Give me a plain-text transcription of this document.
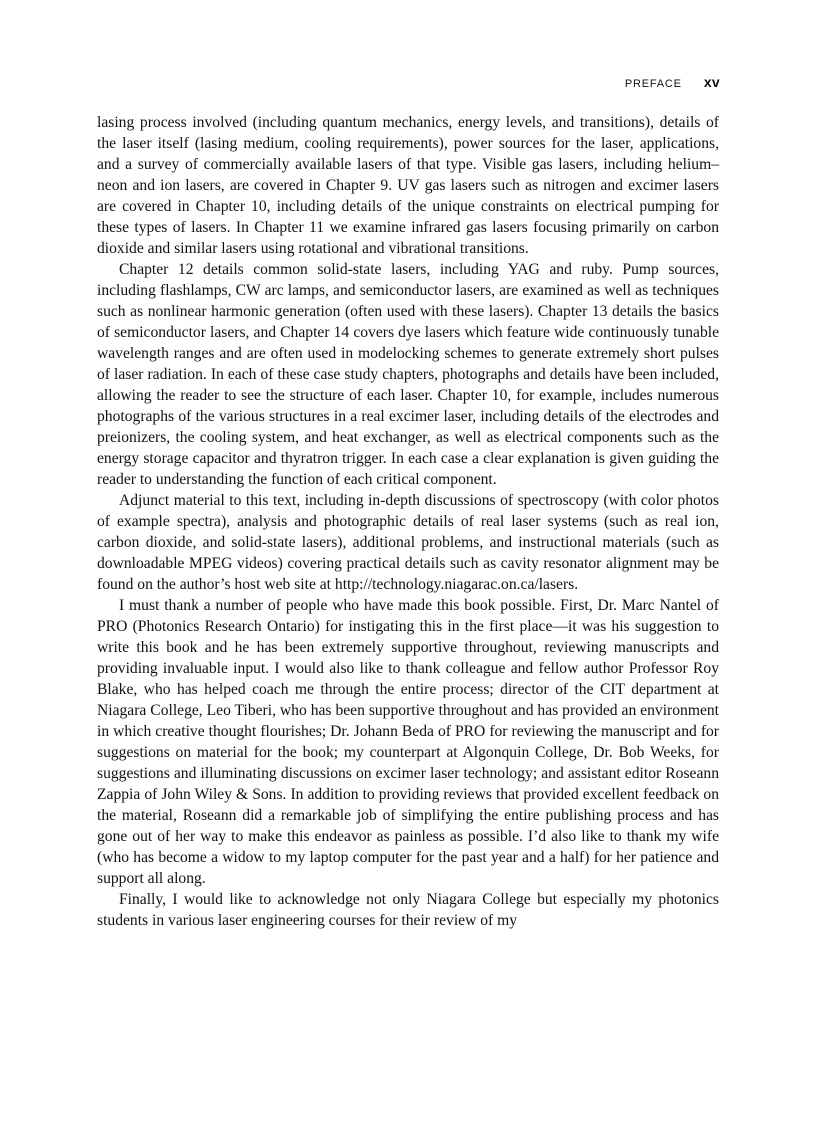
PREFACE xv

lasing process involved (including quantum mechanics, energy levels, and transitions), details of the laser itself (lasing medium, cooling requirements), power sources for the laser, applications, and a survey of commercially available lasers of that type. Visible gas lasers, including helium–neon and ion lasers, are covered in Chapter 9. UV gas lasers such as nitrogen and excimer lasers are covered in Chapter 10, including details of the unique constraints on electrical pumping for these types of lasers. In Chapter 11 we examine infrared gas lasers focusing primarily on carbon dioxide and similar lasers using rotational and vibrational transitions.

Chapter 12 details common solid-state lasers, including YAG and ruby. Pump sources, including flashlamps, CW arc lamps, and semiconductor lasers, are examined as well as techniques such as nonlinear harmonic generation (often used with these lasers). Chapter 13 details the basics of semiconductor lasers, and Chapter 14 covers dye lasers which feature wide continuously tunable wavelength ranges and are often used in modelocking schemes to generate extremely short pulses of laser radiation. In each of these case study chapters, photographs and details have been included, allowing the reader to see the structure of each laser. Chapter 10, for example, includes numerous photographs of the various structures in a real excimer laser, including details of the electrodes and preionizers, the cooling system, and heat exchanger, as well as electrical components such as the energy storage capacitor and thyratron trigger. In each case a clear explanation is given guiding the reader to understanding the function of each critical component.

Adjunct material to this text, including in-depth discussions of spectroscopy (with color photos of example spectra), analysis and photographic details of real laser systems (such as real ion, carbon dioxide, and solid-state lasers), additional problems, and instructional materials (such as downloadable MPEG videos) covering practical details such as cavity resonator alignment may be found on the author’s host web site at http://technology.niagarac.on.ca/lasers.

I must thank a number of people who have made this book possible. First, Dr. Marc Nantel of PRO (Photonics Research Ontario) for instigating this in the first place—it was his suggestion to write this book and he has been extremely supportive throughout, reviewing manuscripts and providing invaluable input. I would also like to thank colleague and fellow author Professor Roy Blake, who has helped coach me through the entire process; director of the CIT department at Niagara College, Leo Tiberi, who has been supportive throughout and has provided an environment in which creative thought flourishes; Dr. Johann Beda of PRO for reviewing the manuscript and for suggestions on material for the book; my counterpart at Algonquin College, Dr. Bob Weeks, for suggestions and illuminating discussions on excimer laser technology; and assistant editor Roseann Zappia of John Wiley & Sons. In addition to providing reviews that provided excellent feedback on the material, Roseann did a remarkable job of simplifying the entire publishing process and has gone out of her way to make this endeavor as painless as possible. I’d also like to thank my wife (who has become a widow to my laptop computer for the past year and a half) for her patience and support all along.

Finally, I would like to acknowledge not only Niagara College but especially my photonics students in various laser engineering courses for their review of my
